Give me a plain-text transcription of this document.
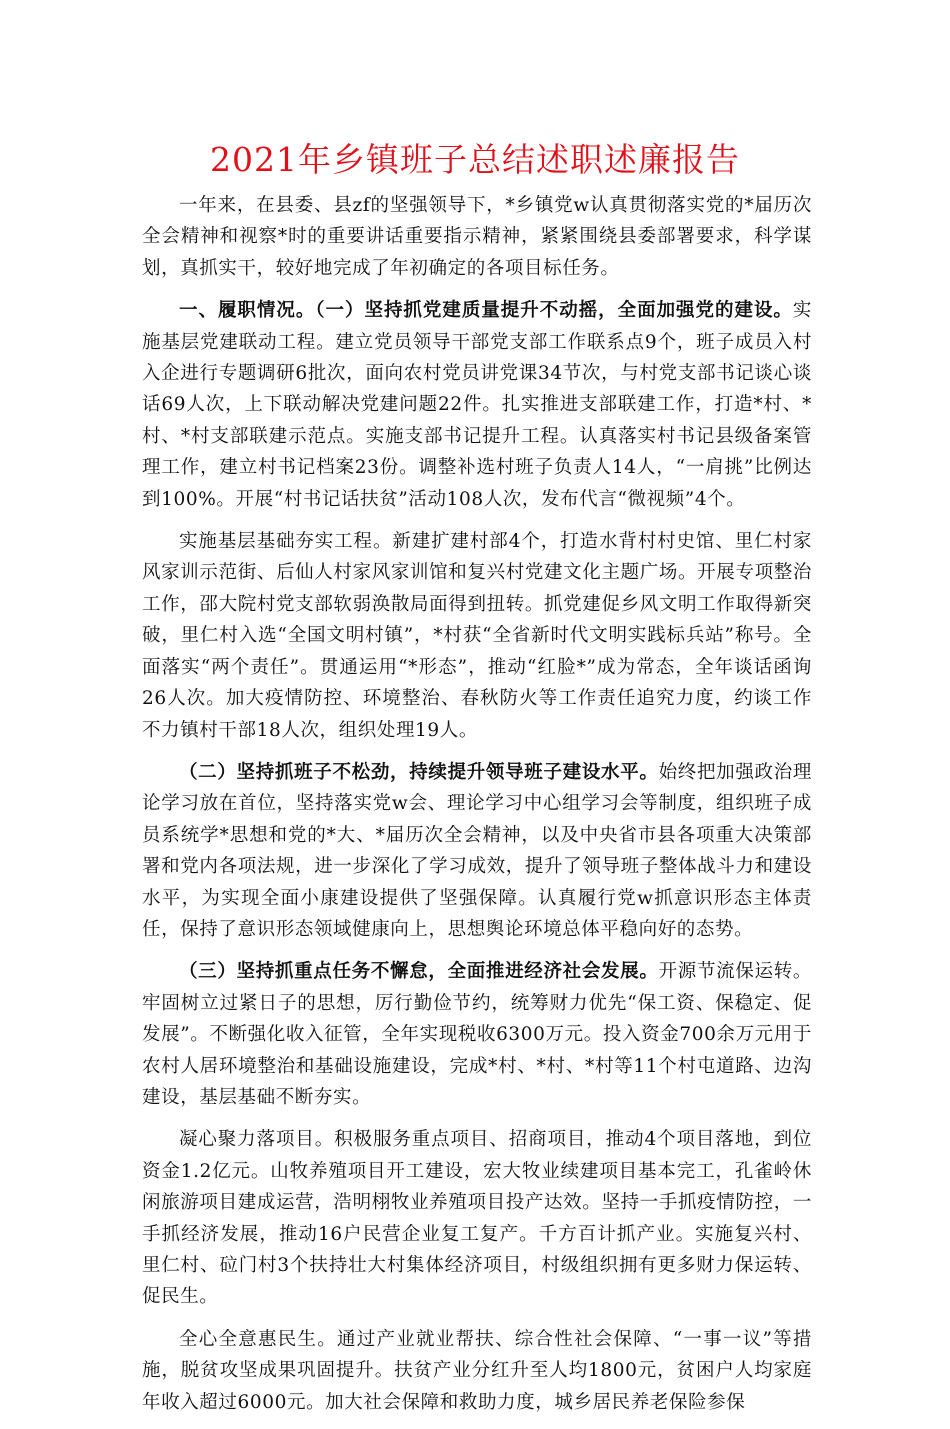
2021年乡镇班子总结述职述廉报告

一年来，在县委、县zf的坚强领导下，*乡镇党w认真贯彻落实党的*届历次全会精神和视察*时的重要讲话重要指示精神，紧紧围绕县委部署要求，科学谋划，真抓实干，较好地完成了年初确定的各项目标任务。

一、履职情况。（一）坚持抓党建质量提升不动摇，全面加强党的建设。实施基层党建联动工程。建立党员领导干部党支部工作联系点9个，班子成员入村入企进行专题调研6批次，面向农村党员讲党课34节次，与村党支部书记谈心谈话69人次，上下联动解决党建问题22件。扎实推进支部联建工作，打造*村、*村、*村支部联建示范点。实施支部书记提升工程。认真落实村书记县级备案管理工作，建立村书记档案23份。调整补选村班子负责人14人，“一肩挑”比例达到100%。开展“村书记话扶贫”活动108人次，发布代言“微视频”4个。

实施基层基础夯实工程。新建扩建村部4个，打造水背村村史馆、里仁村家风家训示范街、后仙人村家风家训馆和复兴村党建文化主题广场。开展专项整治工作，邵大院村党支部软弱涣散局面得到扭转。抓党建促乡风文明工作取得新突破，里仁村入选“全国文明村镇”，*村获“全省新时代文明实践标兵站”称号。全面落实“两个责任”。贯通运用“*形态”，推动“红脸*”成为常态，全年谈话函询26人次。加大疫情防控、环境整治、春秋防火等工作责任追究力度，约谈工作不力镇村干部18人次，组织处理19人。

（二）坚持抓班子不松劲，持续提升领导班子建设水平。始终把加强政治理论学习放在首位，坚持落实党w会、理论学习中心组学习会等制度，组织班子成员系统学*思想和党的*大、*届历次全会精神，以及中央省市县各项重大决策部署和党内各项法规，进一步深化了学习成效，提升了领导班子整体战斗力和建设水平，为实现全面小康建设提供了坚强保障。认真履行党w抓意识形态主体责任，保持了意识形态领域健康向上，思想舆论环境总体平稳向好的态势。

（三）坚持抓重点任务不懈怠，全面推进经济社会发展。开源节流保运转。牢固树立过紧日子的思想，厉行勤俭节约，统筹财力优先“保工资、保稳定、促发展”。不断强化收入征管，全年实现税收6300万元。投入资金700余万元用于农村人居环境整治和基础设施建设，完成*村、*村、*村等11个村屯道路、边沟建设，基层基础不断夯实。

凝心聚力落项目。积极服务重点项目、招商项目，推动4个项目落地，到位资金1.2亿元。山牧养殖项目开工建设，宏大牧业续建项目基本完工，孔雀岭休闲旅游项目建成运营，浩明栩牧业养殖项目投产达效。坚持一手抓疫情防控，一手抓经济发展，推动16户民营企业复工复产。千方百计抓产业。实施复兴村、里仁村、砬门村3个扶持壮大村集体经济项目，村级组织拥有更多财力保运转、促民生。

全心全意惠民生。通过产业就业帮扶、综合性社会保障、“一事一议”等措施，脱贫攻坚成果巩固提升。扶贫产业分红升至人均1800元，贫困户人均家庭年收入超过6000元。加大社会保障和救助力度，城乡居民养老保险参保
